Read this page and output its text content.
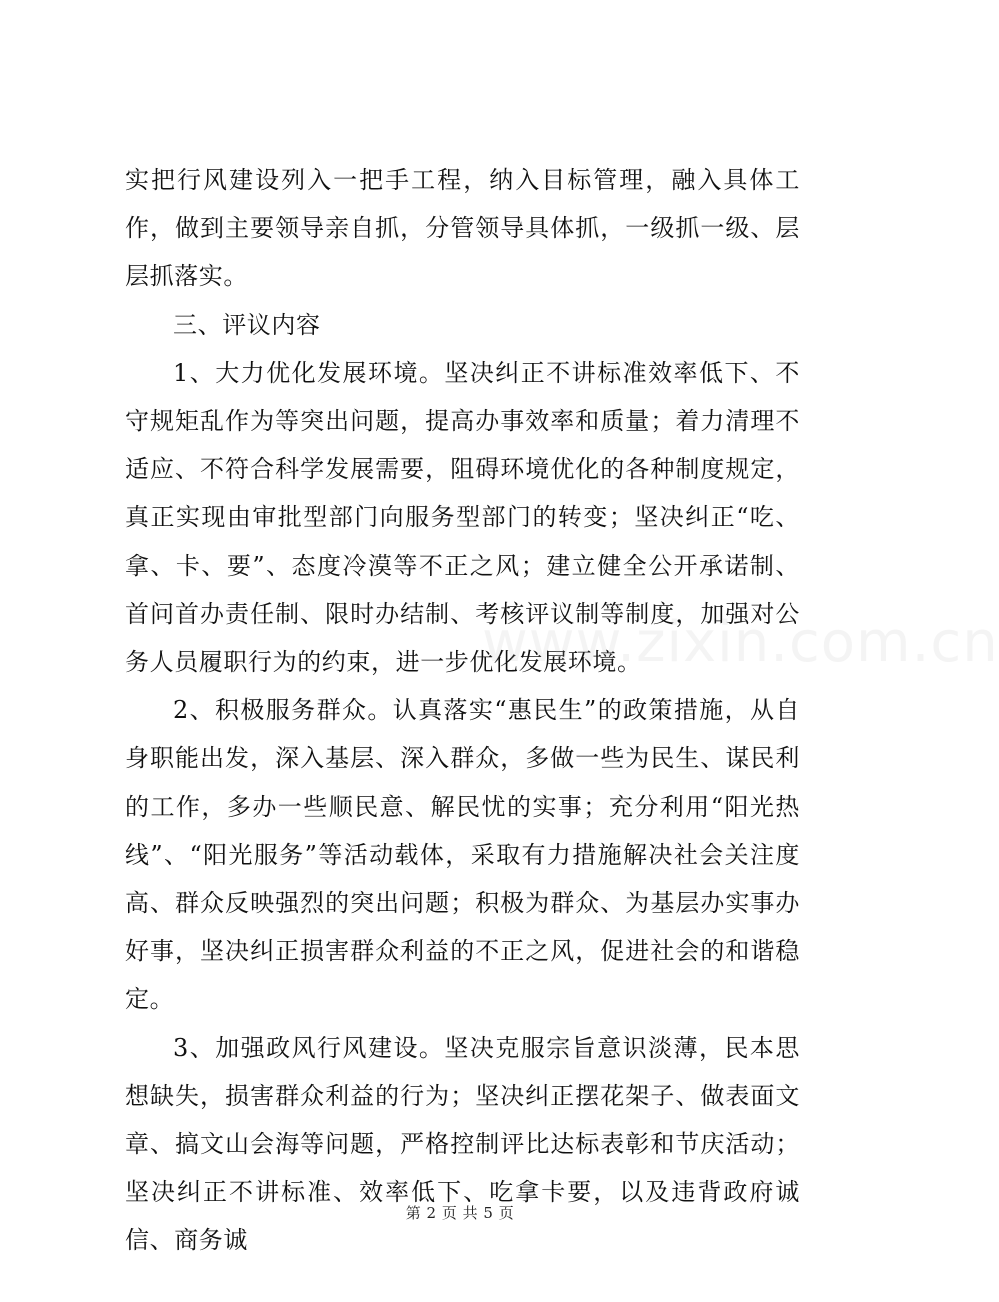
实把行风建设列入一把手工程，纳入目标管理，融入具体工作，做到主要领导亲自抓，分管领导具体抓，一级抓一级、层层抓落实。

三、评议内容

1、大力优化发展环境。坚决纠正不讲标准效率低下、不守规矩乱作为等突出问题，提高办事效率和质量；着力清理不适应、不符合科学发展需要，阻碍环境优化的各种制度规定，真正实现由审批型部门向服务型部门的转变；坚决纠正“吃、拿、卡、要”、态度冷漠等不正之风；建立健全公开承诺制、首问首办责任制、限时办结制、考核评议制等制度，加强对公务人员履职行为的约束，进一步优化发展环境。

2、积极服务群众。认真落实“惠民生”的政策措施，从自身职能出发，深入基层、深入群众，多做一些为民生、谋民利的工作，多办一些顺民意、解民忧的实事；充分利用“阳光热线”、“阳光服务”等活动载体，采取有力措施解决社会关注度高、群众反映强烈的突出问题；积极为群众、为基层办实事办好事，坚决纠正损害群众利益的不正之风，促进社会的和谐稳定。

3、加强政风行风建设。坚决克服宗旨意识淡薄，民本思想缺失，损害群众利益的行为；坚决纠正摆花架子、做表面文章、搞文山会海等问题，严格控制评比达标表彰和节庆活动；坚决纠正不讲标准、效率低下、吃拿卡要，以及违背政府诚信、商务诚

www.zixin.com.cn
第 2 页 共 5 页
